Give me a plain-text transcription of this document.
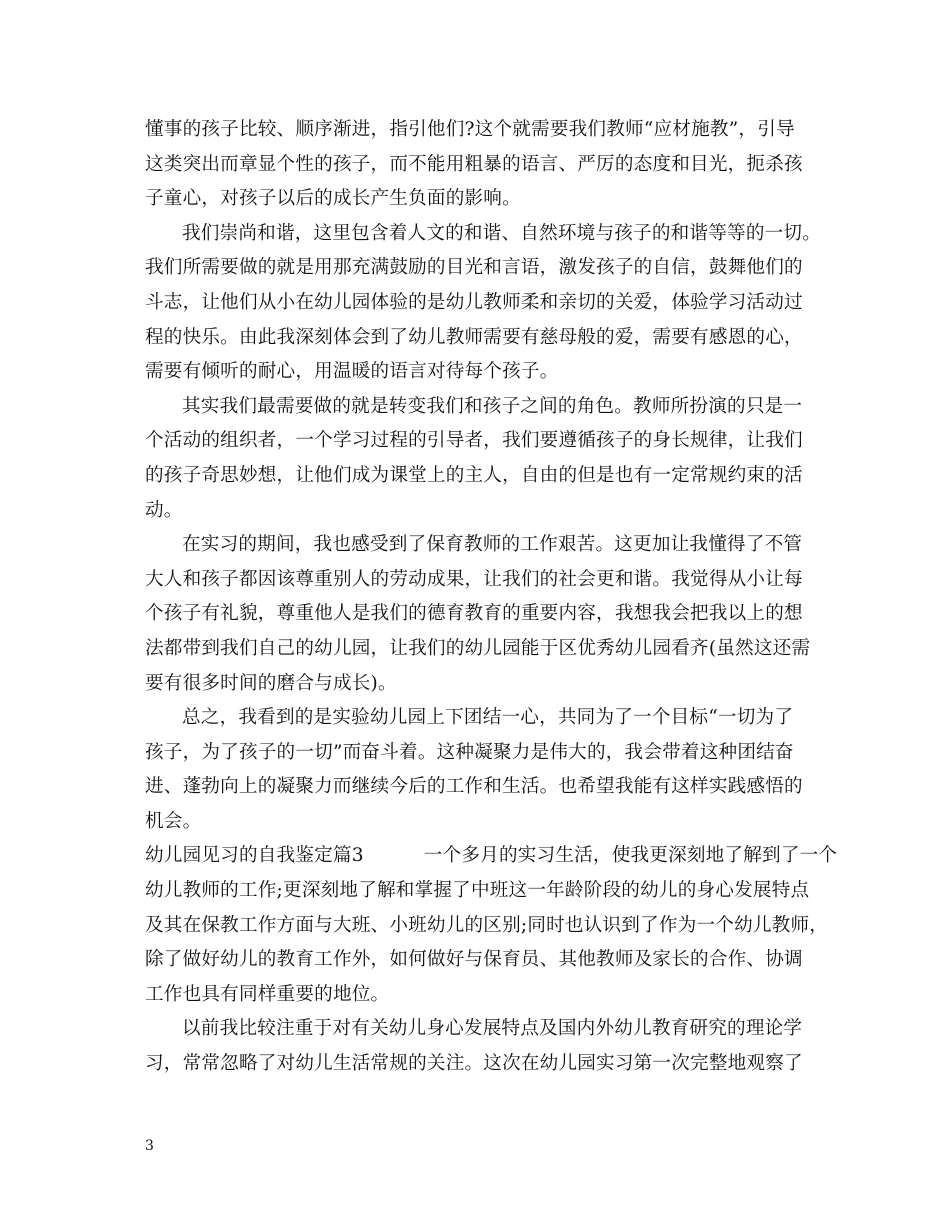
懂事的孩子比较、顺序渐进，指引他们?这个就需要我们教师“应材施教”，引导
这类突出而章显个性的孩子，而不能用粗暴的语言、严厉的态度和目光，扼杀孩
子童心，对孩子以后的成长产生负面的影响。
我们崇尚和谐，这里包含着人文的和谐、自然环境与孩子的和谐等等的一切。
我们所需要做的就是用那充满鼓励的目光和言语，激发孩子的自信，鼓舞他们的
斗志，让他们从小在幼儿园体验的是幼儿教师柔和亲切的关爱，体验学习活动过
程的快乐。由此我深刻体会到了幼儿教师需要有慈母般的爱，需要有感恩的心，
需要有倾听的耐心，用温暖的语言对待每个孩子。
其实我们最需要做的就是转变我们和孩子之间的角色。教师所扮演的只是一
个活动的组织者，一个学习过程的引导者，我们要遵循孩子的身长规律，让我们
的孩子奇思妙想，让他们成为课堂上的主人，自由的但是也有一定常规约束的活
动。
在实习的期间，我也感受到了保育教师的工作艰苦。这更加让我懂得了不管
大人和孩子都因该尊重别人的劳动成果，让我们的社会更和谐。我觉得从小让每
个孩子有礼貌，尊重他人是我们的德育教育的重要内容，我想我会把我以上的想
法都带到我们自己的幼儿园，让我们的幼儿园能于区优秀幼儿园看齐(虽然这还需
要有很多时间的磨合与成长)。
总之，我看到的是实验幼儿园上下团结一心，共同为了一个目标“一切为了
孩子，为了孩子的一切”而奋斗着。这种凝聚力是伟大的，我会带着这种团结奋
进、蓬勃向上的凝聚力而继续今后的工作和生活。也希望我能有这样实践感悟的
机会。
幼儿园见习的自我鉴定篇3	一个多月的实习生活，使我更深刻地了解到了一个
幼儿教师的工作;更深刻地了解和掌握了中班这一年龄阶段的幼儿的身心发展特点
及其在保教工作方面与大班、小班幼儿的区别;同时也认识到了作为一个幼儿教师，
除了做好幼儿的教育工作外，如何做好与保育员、其他教师及家长的合作、协调
工作也具有同样重要的地位。
以前我比较注重于对有关幼儿身心发展特点及国内外幼儿教育研究的理论学
习，常常忽略了对幼儿生活常规的关注。这次在幼儿园实习第一次完整地观察了
3
